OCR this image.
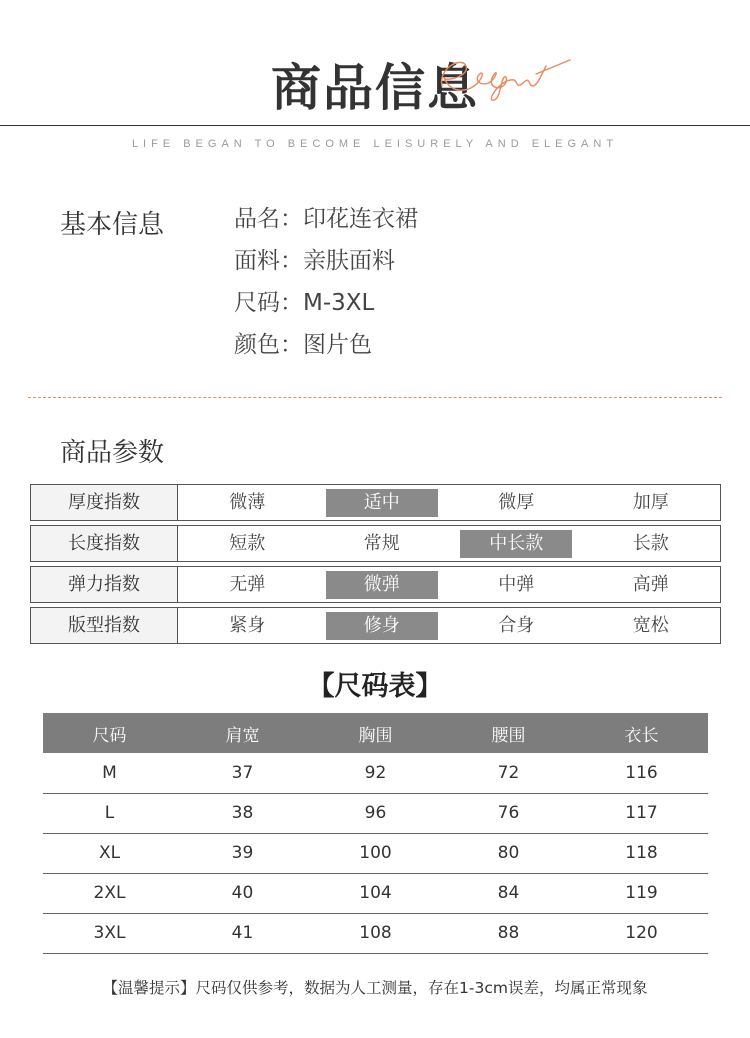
商品信息
LIFE BEGAN TO BECOME LEISURELY AND ELEGANT
基本信息	品名：印花连衣裙
面料：亲肤面料
尺码：M-3XL
颜色：图片色
商品参数
厚度指数	微薄	适中	微厚	加厚
长度指数	短款	常规	中长款	长款
弹力指数	无弹	微弹	中弹	高弹
版型指数	紧身	修身	合身	宽松
【尺码表】
尺码	肩宽	胸围	腰围	衣长
M	37	92	72	116
L	38	96	76	117
XL	39	100	80	118
2XL	40	104	84	119
3XL	41	108	88	120
【温馨提示】尺码仅供参考，数据为人工测量，存在1-3cm误差，均属正常现象
